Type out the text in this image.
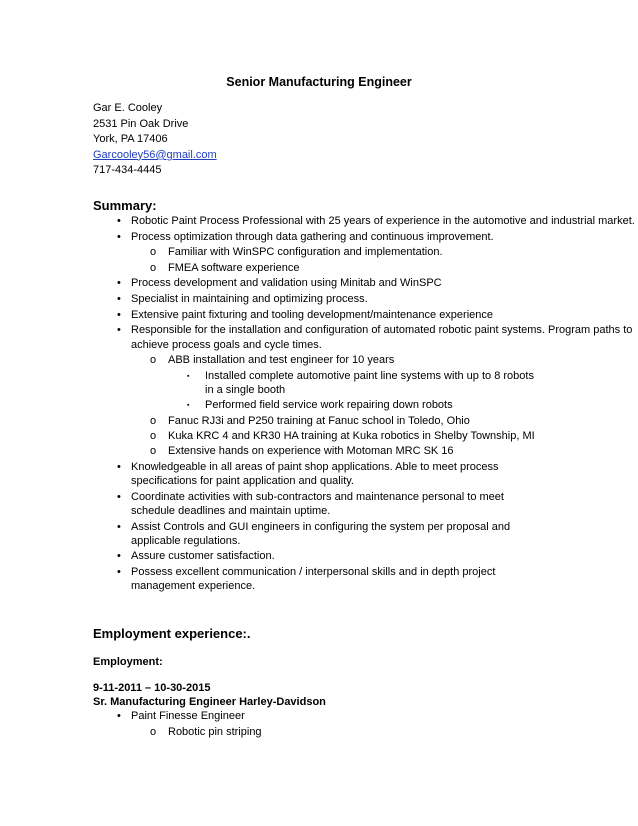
Senior Manufacturing Engineer
Gar E. Cooley
2531 Pin Oak Drive
York, PA 17406
Garcooley56@gmail.com
717-434-4445
Summary:
• Robotic Paint Process Professional with 25 years of experience in the automotive and industrial market.
• Process optimization through data gathering and continuous improvement.
o Familiar with WinSPC configuration and implementation.
o FMEA software experience
• Process development and validation using Minitab and WinSPC
• Specialist in maintaining and optimizing process.
• Extensive paint fixturing and tooling development/maintenance experience
• Responsible for the installation and configuration of automated robotic paint systems. Program paths to achieve process goals and cycle times.
o ABB installation and test engineer for 10 years
▪ Installed complete automotive paint line systems with up to 8 robots in a single booth
▪ Performed field service work repairing down robots
o Fanuc RJ3i and P250 training at Fanuc school in Toledo, Ohio
o Kuka KRC 4 and KR30 HA training at Kuka robotics in Shelby Township, MI
o Extensive hands on experience with Motoman MRC SK 16
• Knowledgeable in all areas of paint shop applications. Able to meet process specifications for paint application and quality.
• Coordinate activities with sub-contractors and maintenance personal to meet schedule deadlines and maintain uptime.
• Assist Controls and GUI engineers in configuring the system per proposal and applicable regulations.
• Assure customer satisfaction.
• Possess excellent communication / interpersonal skills and in depth project management experience.
Employment experience:.
Employment:
9-11-2011 – 10-30-2015
Sr. Manufacturing Engineer Harley-Davidson
• Paint Finesse Engineer
o Robotic pin striping
